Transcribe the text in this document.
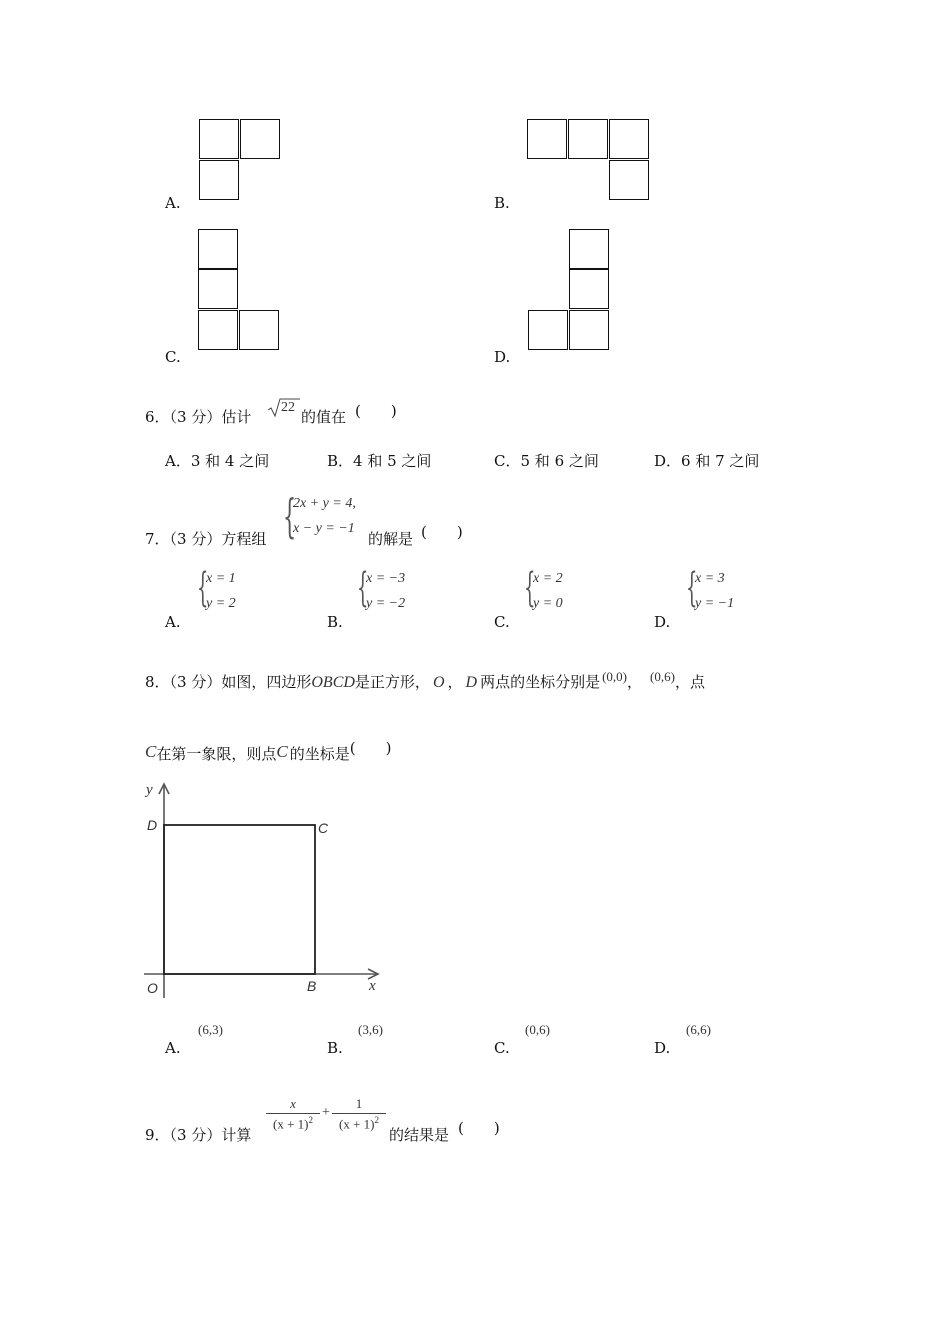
A.	B.
C.	D.
6．（3 分）估计
22
的值在 (　　)
A．3 和 4 之间	B．4 和 5 之间	C．5 和 6 之间	D．6 和 7 之间
7．（3 分）方程组 {
2x + y = 4,
x − y = −1
的解是 (　　)
{
x = 1
y = 2
A.
{
x = −3
y = −2
B.
{
x = 2
y = 0
C.
{
x = 3
y = −1
D.
8．（3 分）如图，四边形OBCD是正方形， O ， D 两点的坐标分别是 (0,0)， (0,6)，点
C在第一象限，则点C 的坐标是(　　)
y
x
D	C
O	B
(6,3)
A.
(3,6)
B.
(0,6)
C.
(6,6)
D.
9．（3 分）计算
$\frac{x}{(x + 1)^2} + \frac{1}{(x + 1)^2}$
的结果是 (　　)
